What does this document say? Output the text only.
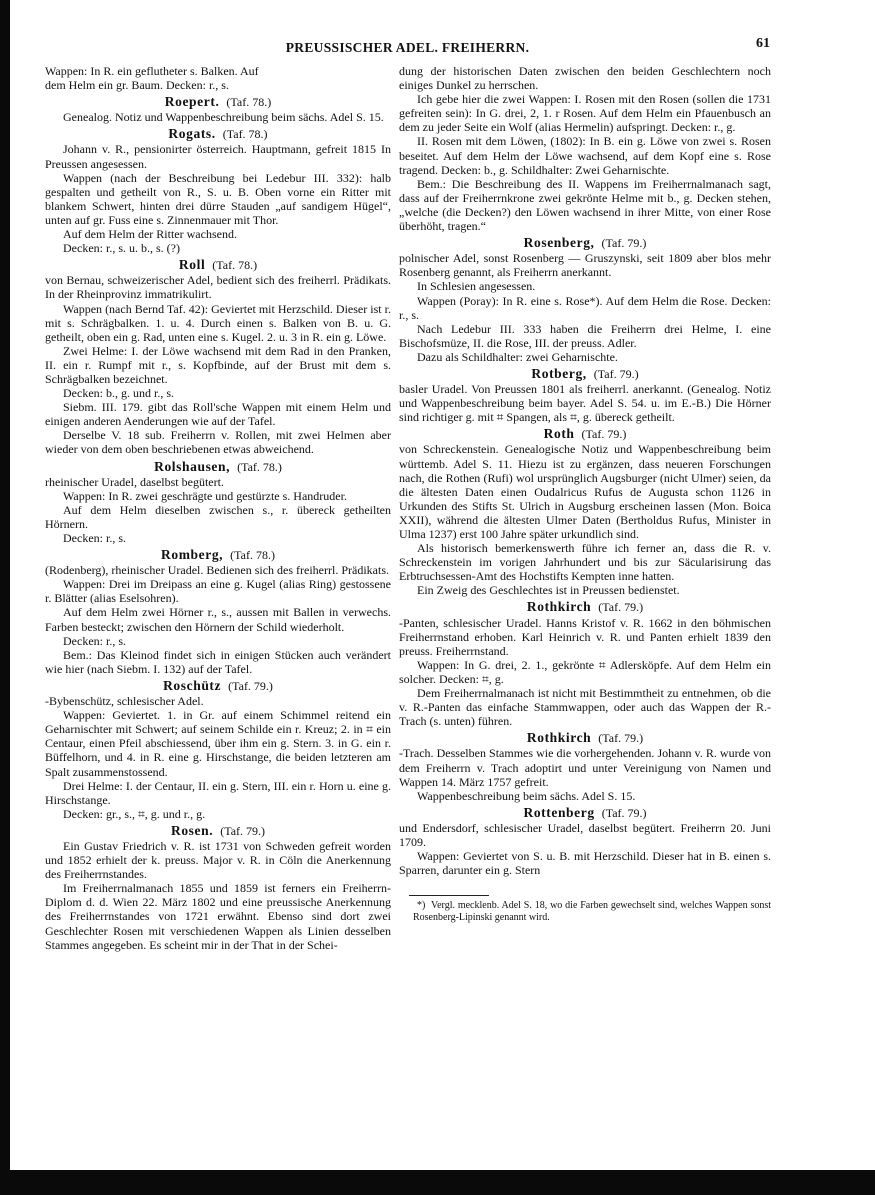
PREUSSISCHER ADEL. FREIHERRN.	61

Wappen: In R. ein geflutheter s. Balken. Auf

dem Helm ein gr. Baum. Decken: r., s.

Roepert. (Taf. 78.)

Genealog. Notiz und Wappenbeschreibung beim sächs. Adel S. 15.

Rogats. (Taf. 78.)

Johann v. R., pensionirter österreich. Hauptmann, gefreit 1815 In Preussen angesessen.

Wappen (nach der Beschreibung bei Ledebur III. 332): halb gespalten und getheilt von R., S. u. B. Oben vorne ein Ritter mit blankem Schwert, hinten drei dürre Stauden „auf sandigem Hügel“, unten auf gr. Fuss eine s. Zinnenmauer mit Thor.

Auf dem Helm der Ritter wachsend.

Decken: r., s. u. b., s. (?)

Roll (Taf. 78.)

von Bernau, schweizerischer Adel, bedient sich des freiherrl. Prädikats. In der Rheinprovinz immatrikulirt.

Wappen (nach Bernd Taf. 42): Geviertet mit Herzschild. Dieser ist r. mit s. Schrägbalken. 1. u. 4. Durch einen s. Balken von B. u. G. getheilt, oben ein g. Rad, unten eine s. Kugel. 2. u. 3 in R. ein g. Löwe.

Zwei Helme: I. der Löwe wachsend mit dem Rad in den Pranken, II. ein r. Rumpf mit r., s. Kopfbinde, auf der Brust mit dem s. Schrägbalken bezeichnet.

Decken: b., g. und r., s.

Siebm. III. 179. gibt das Roll'sche Wappen mit einem Helm und einigen anderen Aenderungen wie auf der Tafel.

Derselbe V. 18 sub. Freiherrn v. Rollen, mit zwei Helmen aber wieder von dem oben beschriebenen etwas abweichend.

Rolshausen, (Taf. 78.)

rheinischer Uradel, daselbst begütert.

Wappen: In R. zwei geschrägte und gestürzte s. Handruder.

Auf dem Helm dieselben zwischen s., r. übereck getheilten Hörnern.

Decken: r., s.

Romberg, (Taf. 78.)

(Rodenberg), rheinischer Uradel. Bedienen sich des freiherrl. Prädikats.

Wappen: Drei im Dreipass an eine g. Kugel (alias Ring) gestossene r. Blätter (alias Eselsohren).

Auf dem Helm zwei Hörner r., s., aussen mit Ballen in verwechs. Farben besteckt; zwischen den Hörnern der Schild wiederholt.

Decken: r., s.

Bem.: Das Kleinod findet sich in einigen Stücken auch verändert wie hier (nach Siebm. I. 132) auf der Tafel.

Roschütz (Taf. 79.)

-Bybenschütz, schlesischer Adel.

Wappen: Geviertet. 1. in Gr. auf einem Schimmel reitend ein Geharnischter mit Schwert; auf seinem Schilde ein r. Kreuz; 2. in ⌗ ein Centaur, einen Pfeil abschiessend, über ihm ein g. Stern. 3. in G. ein r. Büffelhorn, und 4. in R. eine g. Hirschstange, die beiden letzteren am Spalt zusammenstossend.

Drei Helme: I. der Centaur, II. ein g. Stern, III. ein r. Horn u. eine g. Hirschstange.

Decken: gr., s., ⌗, g. und r., g.

Rosen. (Taf. 79.)

Ein Gustav Friedrich v. R. ist 1731 von Schweden gefreit worden und 1852 erhielt der k. preuss. Major v. R. in Cöln die Anerkennung des Freiherrnstandes.

Im Freiherrnalmanach 1855 und 1859 ist ferners ein Freiherrn-Diplom d. d. Wien 22. März 1802 und eine preussische Anerkennung des Freiherrnstandes von 1721 erwähnt. Ebenso sind dort zwei Geschlechter Rosen mit verschiedenen Wappen als Linien desselben Stammes angegeben. Es scheint mir in der That in der Schei-

dung der historischen Daten zwischen den beiden Geschlechtern noch einiges Dunkel zu herrschen.

Ich gebe hier die zwei Wappen: I. Rosen mit den Rosen (sollen die 1731 gefreiten sein): In G. drei, 2, 1. r Rosen. Auf dem Helm ein Pfauenbusch an dem zu jeder Seite ein Wolf (alias Hermelin) aufspringt. Decken: r., g.

II. Rosen mit dem Löwen, (1802): In B. ein g. Löwe von zwei s. Rosen beseitet. Auf dem Helm der Löwe wachsend, auf dem Kopf eine s. Rose tragend. Decken: b., g. Schildhalter: Zwei Geharnischte.

Bem.: Die Beschreibung des II. Wappens im Freiherrnalmanach sagt, dass auf der Freiherrnkrone zwei gekrönte Helme mit b., g. Decken stehen, „welche (die Decken?) den Löwen wachsend in ihrer Mitte, von einer Rose überhöht, tragen.“

Rosenberg, (Taf. 79.)

polnischer Adel, sonst Rosenberg — Gruszynski, seit 1809 aber blos mehr Rosenberg genannt, als Freiherrn anerkannt.

In Schlesien angesessen.

Wappen (Poray): In R. eine s. Rose*). Auf dem Helm die Rose. Decken: r., s.

Nach Ledebur III. 333 haben die Freiherrn drei Helme, I. eine Bischofsmüze, II. die Rose, III. der preuss. Adler.

Dazu als Schildhalter: zwei Geharnischte.

Rotberg, (Taf. 79.)

basler Uradel. Von Preussen 1801 als freiherrl. anerkannt. (Genealog. Notiz und Wappenbeschreibung beim bayer. Adel S. 54. u. im E.-B.) Die Hörner sind richtiger g. mit ⌗ Spangen, als ⌗, g. übereck getheilt.

Roth (Taf. 79.)

von Schreckenstein. Genealogische Notiz und Wappenbeschreibung beim württemb. Adel S. 11. Hiezu ist zu ergänzen, dass neueren Forschungen nach, die Rothen (Rufi) wol ursprünglich Augsburger (nicht Ulmer) seien, da die ältesten Daten einen Oudalricus Rufus de Augusta schon 1126 in Urkunden des Stifts St. Ulrich in Augsburg erscheinen lassen (Mon. Boica XXII), während die ältesten Ulmer Daten (Bertholdus Rufus, Minister in Ulma 1237) erst 100 Jahre später urkundlich sind.

Als historisch bemerkenswerth führe ich ferner an, dass die R. v. Schreckenstein im vorigen Jahrhundert und bis zur Säcularisirung das Erbtruchsessen-Amt des Hochstifts Kempten inne hatten.

Ein Zweig des Geschlechtes ist in Preussen bedienstet.

Rothkirch (Taf. 79.)

-Panten, schlesischer Uradel. Hanns Kristof v. R. 1662 in den böhmischen Freiherrnstand erhoben. Karl Heinrich v. R. und Panten erhielt 1839 den preuss. Freiherrnstand.

Wappen: In G. drei, 2. 1., gekrönte ⌗ Adlersköpfe. Auf dem Helm ein solcher. Decken: ⌗, g.

Dem Freiherrnalmanach ist nicht mit Bestimmtheit zu entnehmen, ob die v. R.-Panten das einfache Stammwappen, oder auch das Wappen der R.-Trach (s. unten) führen.

Rothkirch (Taf. 79.)

-Trach. Desselben Stammes wie die vorhergehenden. Johann v. R. wurde von dem Freiherrn v. Trach adoptirt und unter Vereinigung von Namen und Wappen 14. März 1757 gefreit.

Wappenbeschreibung beim sächs. Adel S. 15.

Rottenberg (Taf. 79.)

und Endersdorf, schlesischer Uradel, daselbst begütert. Freiherrn 20. Juni 1709.

Wappen: Geviertet von S. u. B. mit Herzschild. Dieser hat in B. einen s. Sparren, darunter ein g. Stern

*) Vergl. mecklenb. Adel S. 18, wo die Farben gewechselt sind, welches Wappen sonst Rosenberg-Lipinski genannt wird.
